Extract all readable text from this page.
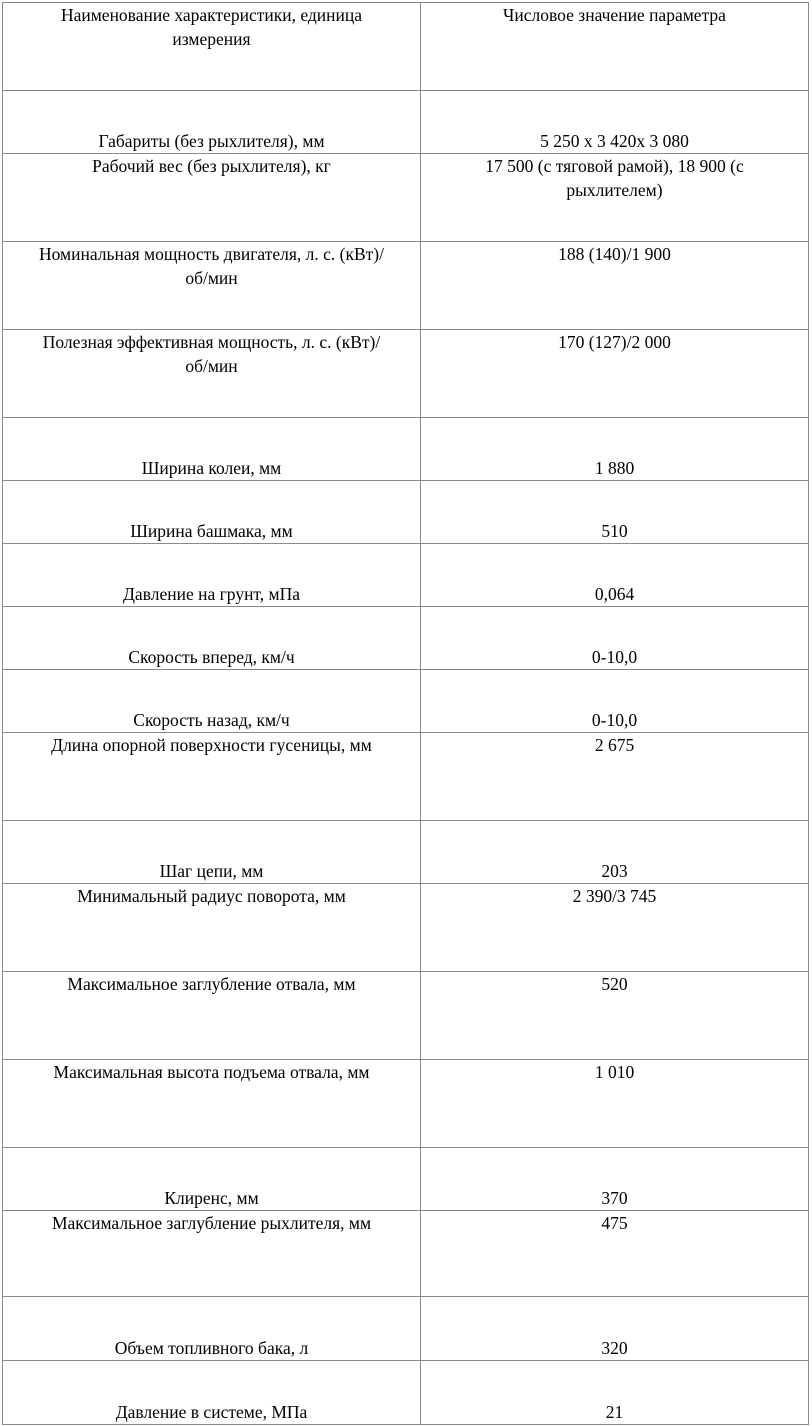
Наименование характеристики, единица измерения	Числовое значение параметра

Габариты (без рыхлителя), мм	5 250 х 3 420х 3 080

Рабочий вес (без рыхлителя), кг	17 500 (с тяговой рамой), 18 900 (с рыхлителем)

Номинальная мощность двигателя, л. с. (кВт)/об/мин	188 (140)/1 900

Полезная эффективная мощность, л. с. (кВт)/об/мин	170 (127)/2 000

Ширина колеи, мм	1 880

Ширина башмака, мм	510

Давление на грунт, мПа	0,064

Скорость вперед, км/ч	0-10,0

Скорость назад, км/ч	0-10,0

Длина опорной поверхности гусеницы, мм	2 675

Шаг цепи, мм	203

Минимальный радиус поворота, мм	2 390/3 745

Максимальное заглубление отвала, мм	520

Максимальная высота подъема отвала, мм	1 010

Клиренс, мм	370

Максимальное заглубление рыхлителя, мм	475

Объем топливного бака, л	320

Давление в системе, МПа	21
